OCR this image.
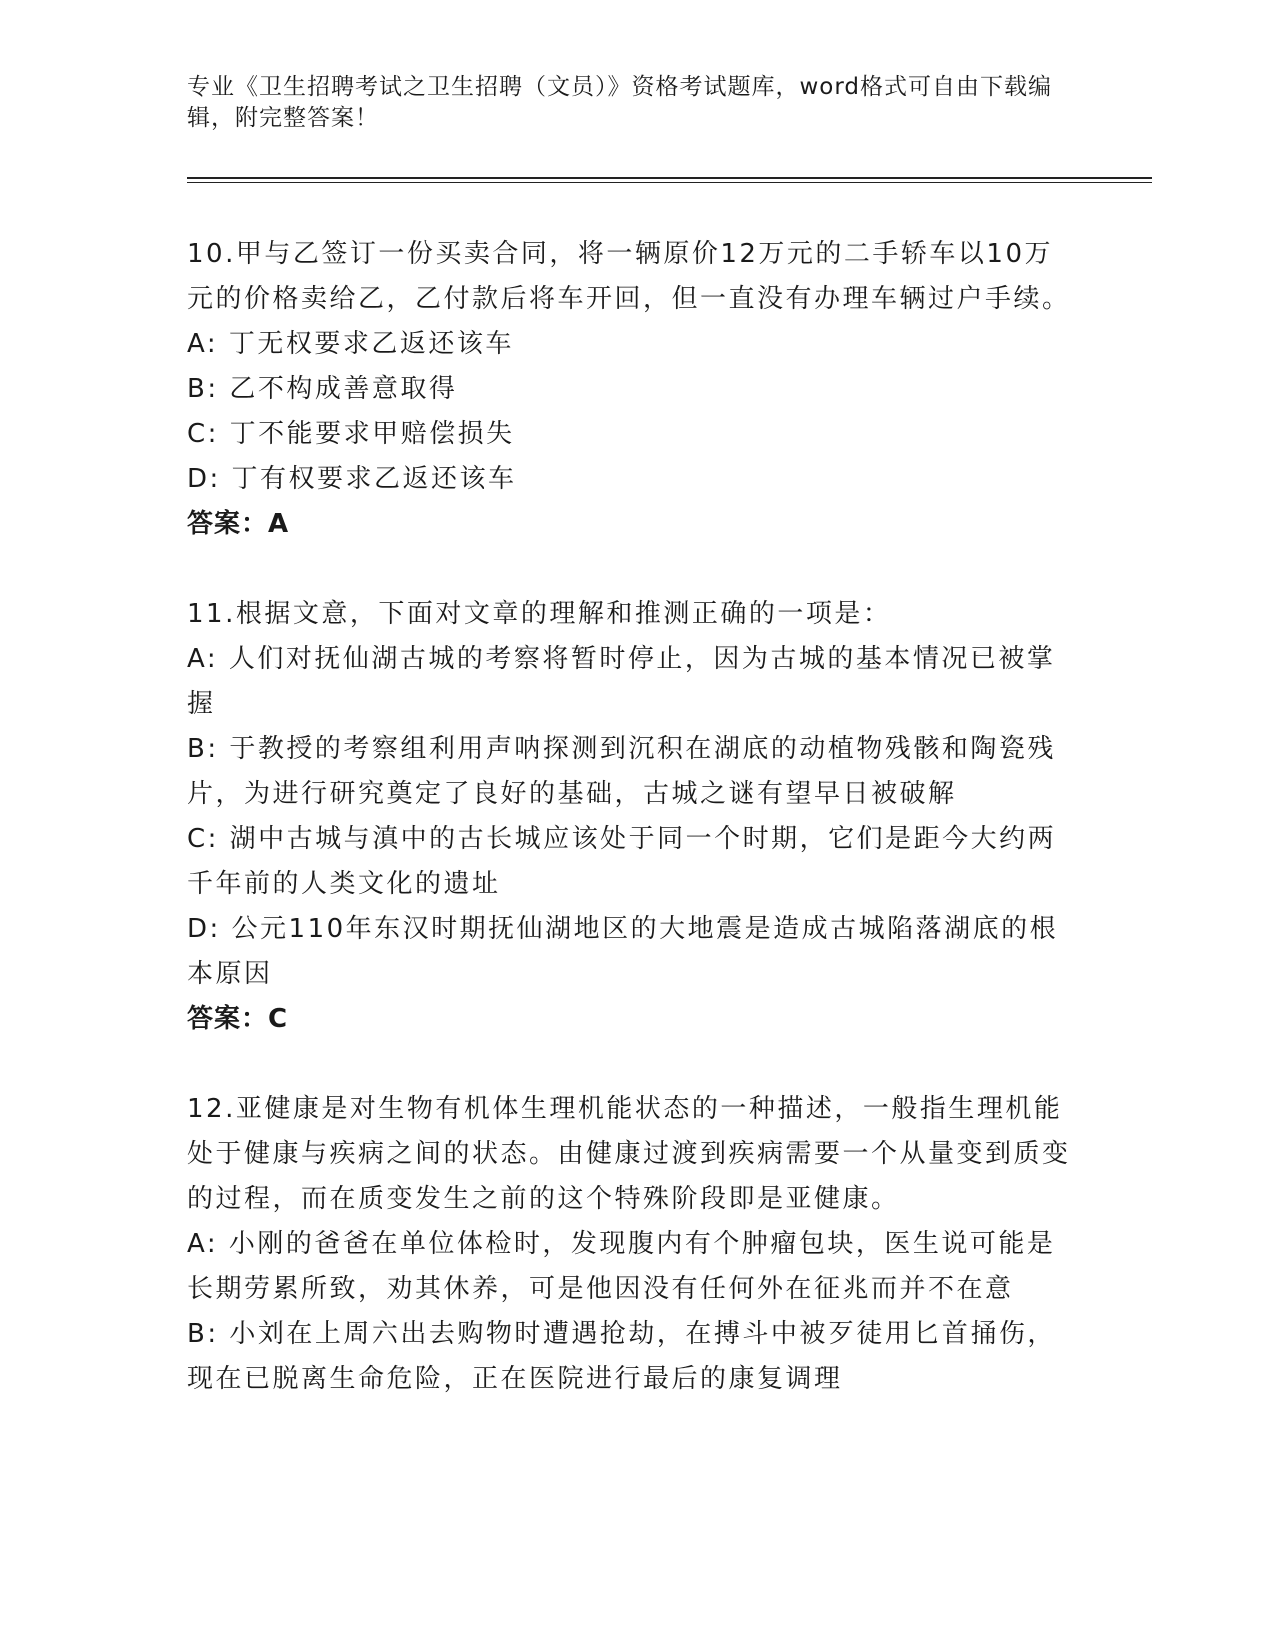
专业《卫生招聘考试之卫生招聘（文员）》资格考试题库，word格式可自由下载编辑，附完整答案！

10.甲与乙签订一份买卖合同，将一辆原价12万元的二手轿车以10万元的价格卖给乙，乙付款后将车开回，但一直没有办理车辆过户手续。

A: 丁无权要求乙返还该车

B: 乙不构成善意取得

C: 丁不能要求甲赔偿损失

D: 丁有权要求乙返还该车

答案：A

11.根据文意，下面对文章的理解和推测正确的一项是：

A: 人们对抚仙湖古城的考察将暂时停止，因为古城的基本情况已被掌握

B: 于教授的考察组利用声呐探测到沉积在湖底的动植物残骸和陶瓷残片，为进行研究奠定了良好的基础，古城之谜有望早日被破解

C: 湖中古城与滇中的古长城应该处于同一个时期，它们是距今大约两千年前的人类文化的遗址

D: 公元110年东汉时期抚仙湖地区的大地震是造成古城陷落湖底的根本原因

答案：C

12.亚健康是对生物有机体生理机能状态的一种描述，一般指生理机能处于健康与疾病之间的状态。由健康过渡到疾病需要一个从量变到质变的过程，而在质变发生之前的这个特殊阶段即是亚健康。

A: 小刚的爸爸在单位体检时，发现腹内有个肿瘤包块，医生说可能是长期劳累所致，劝其休养，可是他因没有任何外在征兆而并不在意

B: 小刘在上周六出去购物时遭遇抢劫，在搏斗中被歹徒用匕首捅伤，现在已脱离生命危险，正在医院进行最后的康复调理
